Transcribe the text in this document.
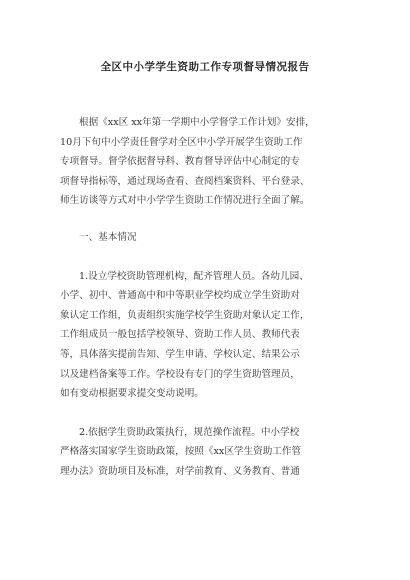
全区中小学学生资助工作专项督导情况报告

根据《xx区 xx年第一学期中小学督学工作计划》安排，
10月下旬中小学责任督学对全区中小学开展学生资助工作
专项督导。督学依据督导科、教育督导评估中心制定的专
项督导指标等，通过现场查看、查阅档案资料、平台登录、
师生访谈等方式对中小学学生资助工作情况进行全面了解。

一、基本情况

1.设立学校资助管理机构，配齐管理人员。各幼儿园、
小学、初中、普通高中和中等职业学校均成立学生资助对
象认定工作组，负责组织实施学校学生资助对象认定工作，
工作组成员一般包括学校领导、资助工作人员、教师代表
等，具体落实提前告知、学生申请、学校认定、结果公示
以及建档备案等工作。学校设有专门的学生资助管理员，
如有变动根据要求提交变动说明。

2.依据学生资助政策执行，规范操作流程。中小学校
严格落实国家学生资助政策，按照《xx区学生资助工作管
理办法》资助项目及标准，对学前教育、义务教育、普通
